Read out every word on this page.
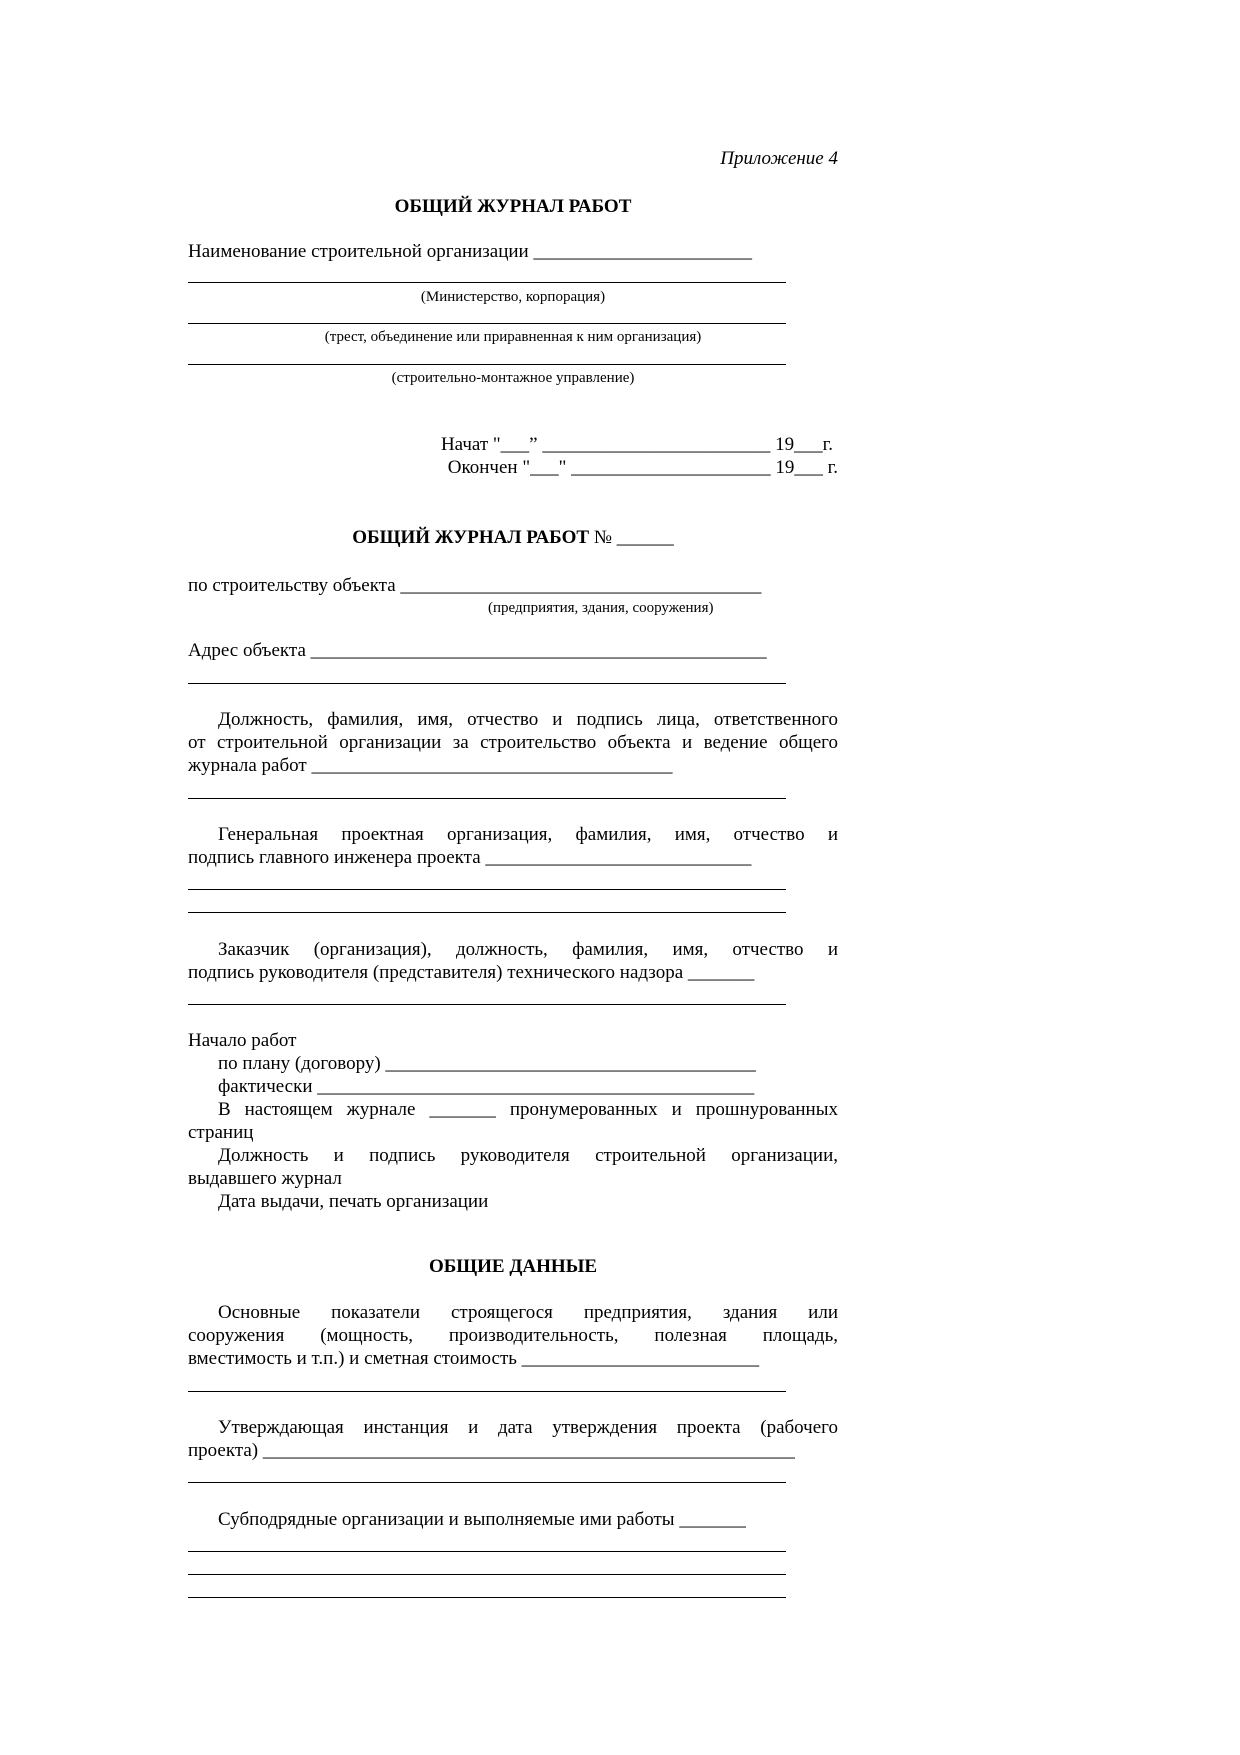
Приложение 4
ОБЩИЙ ЖУРНАЛ РАБОТ
Наименование строительной организации _______________________
(Министерство, корпорация)
(трест, объединение или приравненная к ним организация)
(строительно-монтажное управление)
Начат "___” ________________________ 19___г.
Окончен "___" _____________________ 19___ г.
ОБЩИЙ ЖУРНАЛ РАБОТ № ______
по строительству объекта ______________________________________
(предприятия, здания, сооружения)
Адрес объекта ________________________________________________
Должность, фамилия, имя, отчество и подпись лица, ответственного
от строительной организации за строительство объекта и ведение общего
журнала работ ______________________________________
Генеральная проектная организация, фамилия, имя, отчество и
подпись главного инженера проекта ____________________________
Заказчик (организация), должность, фамилия, имя, отчество и
подпись руководителя (представителя) технического надзора _______
Начало работ
по плану (договору) _______________________________________
фактически ______________________________________________
В настоящем журнале _______ пронумерованных и прошнурованных
страниц
Должность и подпись руководителя строительной организации,
выдавшего журнал
Дата выдачи, печать организации
ОБЩИЕ ДАННЫЕ
Основные показатели строящегося предприятия, здания или
сооружения (мощность, производительность, полезная площадь,
вместимость и т.п.) и сметная стоимость _________________________
Утверждающая инстанция и дата утверждения проекта (рабочего
проекта) ________________________________________________________
Субподрядные организации и выполняемые ими работы _______
